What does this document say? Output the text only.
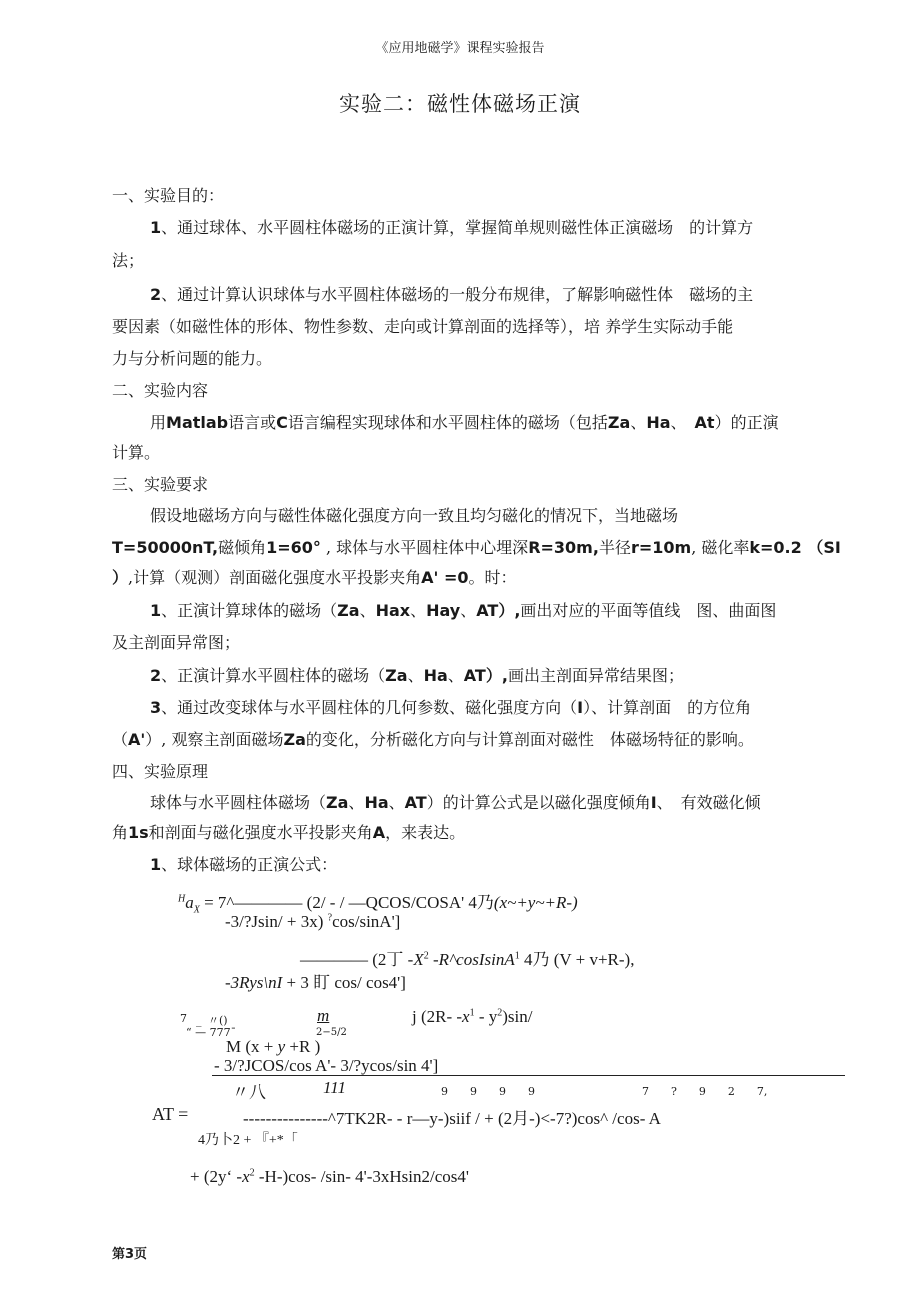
《应用地磁学》课程实验报告
实验二：磁性体磁场正演
一、实验目的：
1、通过球体、水平圆柱体磁场的正演计算，掌握简单规则磁性体正演磁场　的计算方
法；
2、通过计算认识球体与水平圆柱体磁场的一般分布规律，了解影响磁性体　磁场的主
要因素（如磁性体的形体、物性参数、走向或计算剖面的选择等），培 养学生实际动手能
力与分析问题的能力。
二、实验内容
用Matlab语言或C语言编程实现球体和水平圆柱体的磁场（包括Za、Ha、　At）的正演
计算。
三、实验要求
假设地磁场方向与磁性体磁化强度方向一致且均匀磁化的情况下，当地磁场
T=50000nT,磁倾角1=60° , 球体与水平圆柱体中心埋深R=30m,半径r=10m, 磁化率k=0.2 （SI
）,计算（观测）剖面磁化强度水平投影夹角A' =0。时：
1、正演计算球体的磁场（Za、Hax、Hay、AT）,画出对应的平面等值线　图、曲面图
及主剖面异常图；
2、正演计算水平圆柱体的磁场（Za、Ha、AT）,画出主剖面异常结果图；
3、通过改变球体与水平圆柱体的几何参数、磁化强度方向（I）、计算剖面　的方位角
（A'）, 观察主剖面磁场Za的变化，分析磁化方向与计算剖面对磁性　体磁场特征的影响。
四、实验原理
球体与水平圆柱体磁场（Za、Ha、AT）的计算公式是以磁化强度倾角I、　有效磁化倾
角1s和剖面与磁化强度水平投影夹角A，来表达。
1、球体磁场的正演公式：
$^Ha_X$ = 7^———— (2/ - / —QCOS/COSA' 4乃(x~+y~+R-)
-3/?Jsin/ + 3x) ?cos/sinA']
———— (2丁 $-X^2$ -R^cosIsinA$^1$ 4乃 (V + v+R-),
-3Rys\nI + 3 盯 cos/ cos4']
7 _ 〃()
“ — 777ˉ
m
2−5/2
j (2R- $-x^1 - y^2)\sin/$
M (x + y +R )
- 3/?JCOS/cos A'- 3/?ycos/sin 4']
〃八	111	9　　9　　9　　9	7　　?　　9　　2　　7,
AT =	---------------^7TK2R- - r—y-)siif / + (2月-)<-7?)cos^ /cos- A
4乃卜2 + 『+*「
+ (2y‘ $-x^2$ -H-)cos- /sin- 4'-3xHsin2/cos4'
第3页
